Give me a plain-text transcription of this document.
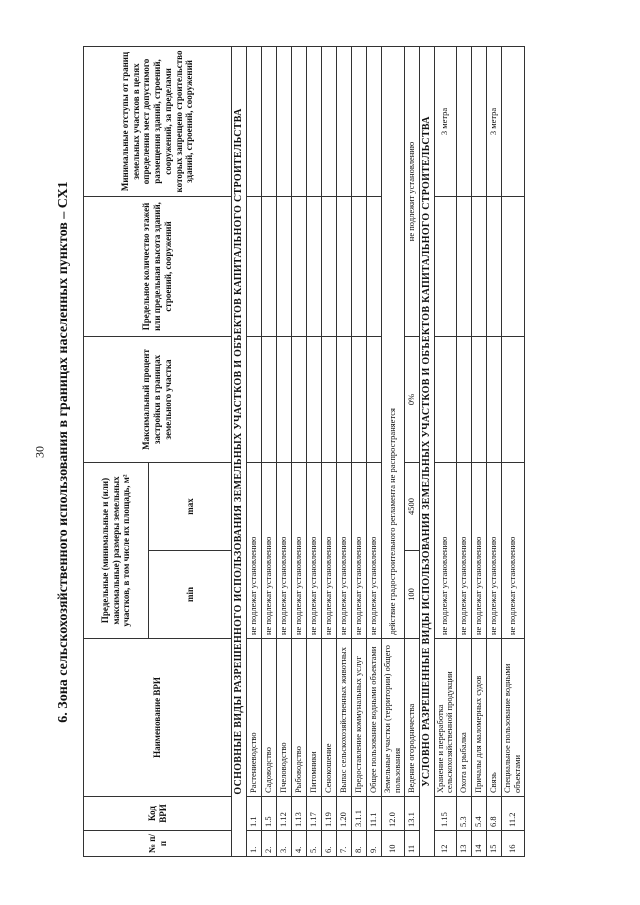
30 6. Зона сельскохозяйственного использования в границах населенных пунктов – СХ1
№ п/п	Код ВРИ	Наименование ВРИ	Предельные (минимальные и (или) максимальные) размеры земельных участков, в том числе их площадь, м²		Максимальный процент застройки в границах земельного участка	Предельное количество этажей или предельная высота зданий, строений, сооружений	Минимальные отступы от границ земельных участков в целях определения мест допустимого размещения зданий, строений, сооружений, за пределами которых запрещено строительство зданий, строений, сооружений
			min	max			
ОСНОВНЫЕ ВИДЫ РАЗРЕШЕННОГО ИСПОЛЬЗОВАНИЯ ЗЕМЕЛЬНЫХ УЧАСТКОВ И ОБЪЕКТОВ КАПИТАЛЬНОГО СТРОИТЕЛЬСТВА							
1.	1.1	Растениеводство	не подлежат установлению				
2.	1.5	Садоводство	не подлежат установлению				
3.	1.12	Пчеловодство	не подлежат установлению				
4.	1.13	Рыбоводство	не подлежат установлению				
5.	1.17	Питомники	не подлежат установлению				
6.	1.19	Сенокошение	не подлежат установлению				
7.	1.20	Выпас сельскохозяйственных животных	не подлежат установлению				
8.	3.1.1	Предоставление коммунальных услуг	не подлежат установлению				
9.	11.1	Общее пользование водными объектами	не подлежат установлению				
10	12.0	Земельные участки (территории) общего пользования	действие градостроительного регламента не распространяется				
11	13.1	Ведение огородничества	100	4500	0%	не подлежит установлению	
УСЛОВНО РАЗРЕШЕННЫЕ ВИДЫ ИСПОЛЬЗОВАНИЯ ЗЕМЕЛЬНЫХ УЧАСТКОВ И ОБЪЕКТОВ КАПИТАЛЬНОГО СТРОИТЕЛЬСТВА							
12	1.15	Хранение и переработка сельскохозяйственной продукции	не подлежат установлению				3 метра
13	5.3	Охота и рыбалка	не подлежат установлению				
14	5.4	Причалы для маломерных судов	не подлежат установлению				
15	6.8	Связь	не подлежат установлению				3 метра
16	11.2	Специальное пользование водными объектами	не подлежат установлению				
